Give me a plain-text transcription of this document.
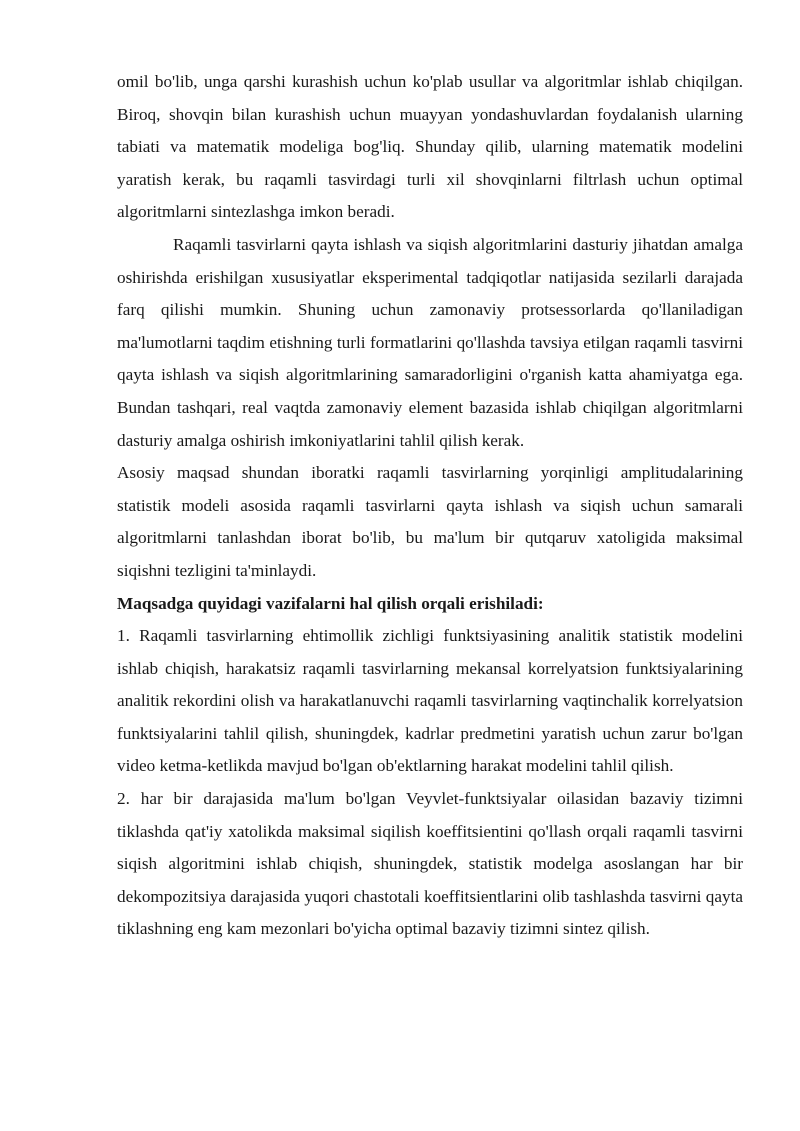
omil bo'lib, unga qarshi kurashish uchun ko'plab usullar va algoritmlar ishlab chiqilgan. Biroq, shovqin bilan kurashish uchun muayyan yondashuvlardan foydalanish ularning tabiati va matematik modeliga bog'liq. Shunday qilib, ularning matematik modelini yaratish kerak, bu raqamli tasvirdagi turli xil shovqinlarni filtrlash uchun optimal algoritmlarni sintezlashga imkon beradi.

Raqamli tasvirlarni qayta ishlash va siqish algoritmlarini dasturiy jihatdan amalga oshirishda erishilgan xususiyatlar eksperimental tadqiqotlar natijasida sezilarli darajada farq qilishi mumkin. Shuning uchun zamonaviy protsessorlarda qo'llaniladigan ma'lumotlarni taqdim etishning turli formatlarini qo'llashda tavsiya etilgan raqamli tasvirni qayta ishlash va siqish algoritmlarining samaradorligini o'rganish katta ahamiyatga ega. Bundan tashqari, real vaqtda zamonaviy element bazasida ishlab chiqilgan algoritmlarni dasturiy amalga oshirish imkoniyatlarini tahlil qilish kerak.

Asosiy maqsad shundan iboratki raqamli tasvirlarning yorqinligi amplitudalarining statistik modeli asosida raqamli tasvirlarni qayta ishlash va siqish uchun samarali algoritmlarni tanlashdan iborat bo'lib, bu ma'lum bir qutqaruv xatoligida maksimal siqishni tezligini ta'minlaydi.

Maqsadga quyidagi vazifalarni hal qilish orqali erishiladi:

1. Raqamli tasvirlarning ehtimollik zichligi funktsiyasining analitik statistik modelini ishlab chiqish, harakatsiz raqamli tasvirlarning mekansal korrelyatsion funktsiyalarining analitik rekordini olish va harakatlanuvchi raqamli tasvirlarning vaqtinchalik korrelyatsion funktsiyalarini tahlil qilish, shuningdek, kadrlar predmetini yaratish uchun zarur bo'lgan video ketma-ketlikda mavjud bo'lgan ob'ektlarning harakat modelini tahlil qilish.

2. har bir darajasida ma'lum bo'lgan Veyvlet-funktsiyalar oilasidan bazaviy tizimni tiklashda qat'iy xatolikda maksimal siqilish koeffitsientini qo'llash orqali raqamli tasvirni siqish algoritmini ishlab chiqish, shuningdek, statistik modelga asoslangan har bir dekompozitsiya darajasida yuqori chastotali koeffitsientlarini olib tashlashda tasvirni qayta tiklashning eng kam mezonlari bo'yicha optimal bazaviy tizimni sintez qilish.
